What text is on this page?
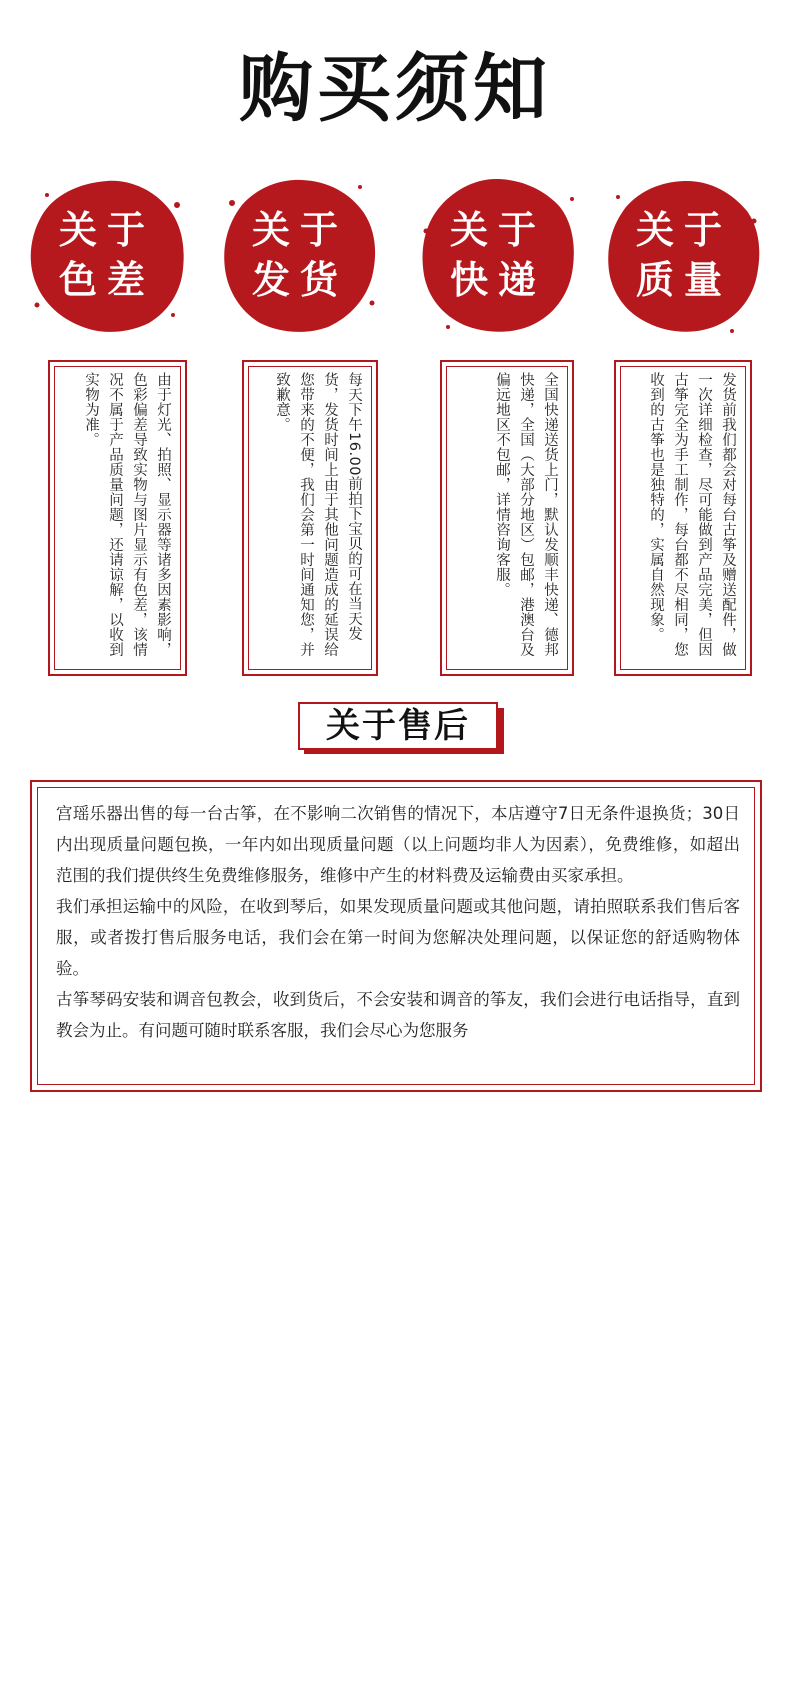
购买须知
关于
色差
关于
发货
关于
快递
关于
质量
由于灯光、拍照、显示器等诸多因素影响，色彩偏差导致实物与图片显示有色差，该情况不属于产品质量问题，还请谅解，以收到实物为准。	每天下午16.00前拍下宝贝的可在当天发货，发货时间上由于其他问题造成的延误给您带来的不便，我们会第一时间通知您，并致歉意。	全国快递送货上门，默认发顺丰快递、德邦快递，全国（大部分地区）包邮，港澳台及偏远地区不包邮，详情咨询客服。	发货前我们都会对每台古筝及赠送配件，做一次详细检查，尽可能做到产品完美，但因古筝完全为手工制作，每台都不尽相同，您收到的古筝也是独特的，实属自然现象。
关于售后

宫瑶乐器出售的每一台古筝，在不影响二次销售的情况下，本店遵守7日无条件退换货；30日内出现质量问题包换，一年内如出现质量问题（以上问题均非人为因素），免费维修，如超出范围的我们提供终生免费维修服务，维修中产生的材料费及运输费由买家承担。

我们承担运输中的风险，在收到琴后，如果发现质量问题或其他问题，请拍照联系我们售后客服，或者拨打售后服务电话，我们会在第一时间为您解决处理问题，以保证您的舒适购物体验。

古筝琴码安装和调音包教会，收到货后，不会安装和调音的筝友，我们会进行电话指导，直到教会为止。有问题可随时联系客服，我们会尽心为您服务
